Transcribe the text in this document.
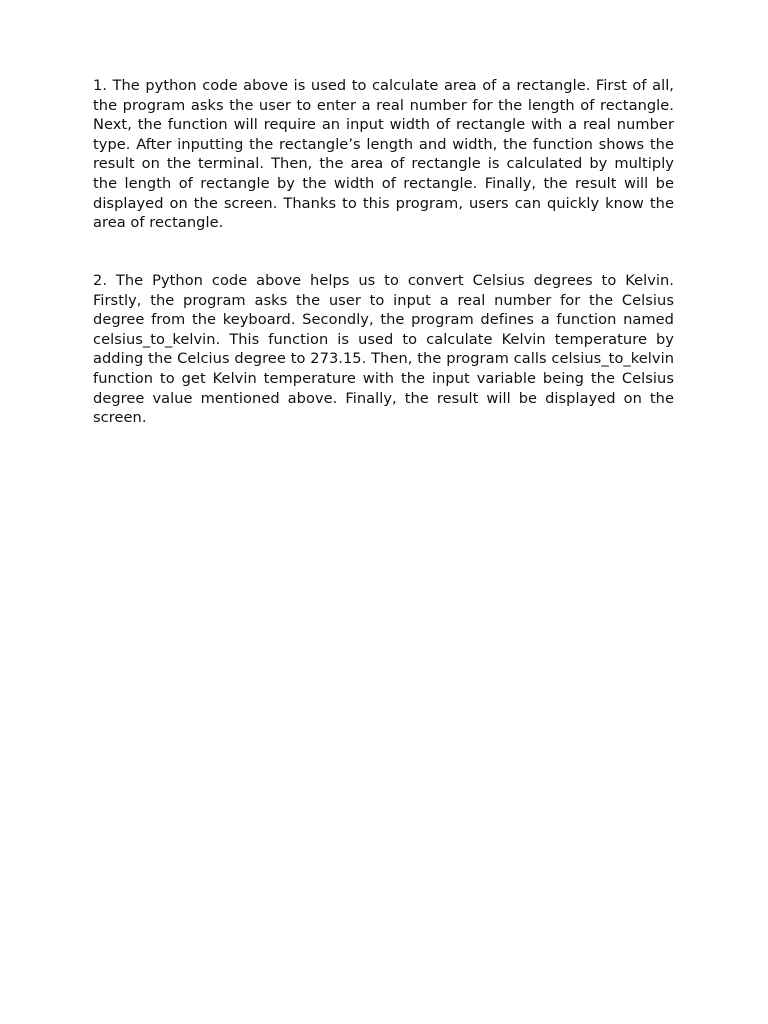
1. The python code above is used to calculate area of a rectangle. First of all, the program asks the user to enter a real number for the length of rectangle. Next, the function will require an input width of rectangle with a real number type. After inputting the rectangle’s length and width, the function shows the result on the terminal. Then, the area of rectangle is calculated by multiply the length of rectangle by the width of rectangle. Finally, the result will be displayed on the screen. Thanks to this program, users can quickly know the area of rectangle.

2. The Python code above helps us to convert Celsius degrees to Kelvin. Firstly, the program asks the user to input a real number for the Celsius degree from the keyboard. Secondly, the program defines a function named celsius_to_kelvin. This function is used to calculate Kelvin temperature by adding the Celcius degree to 273.15. Then, the program calls celsius_to_kelvin function to get Kelvin temperature with the input variable being the Celsius degree value mentioned above. Finally, the result will be displayed on the screen.
